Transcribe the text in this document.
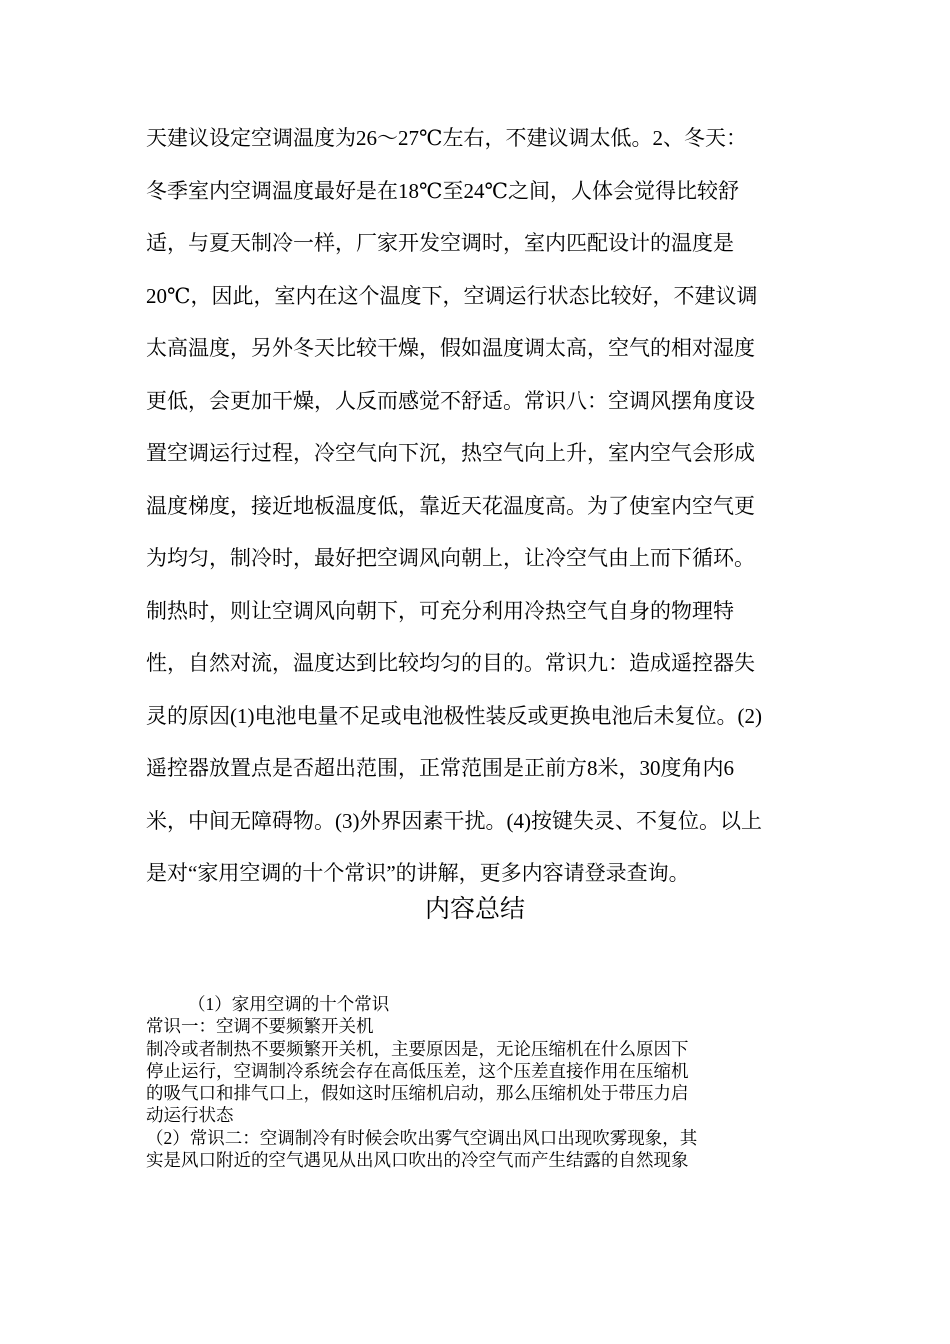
天建议设定空调温度为26～27℃左右，不建议调太低。2、冬天：
冬季室内空调温度最好是在18℃至24℃之间，人体会觉得比较舒
适，与夏天制冷一样，厂家开发空调时，室内匹配设计的温度是
20℃，因此，室内在这个温度下，空调运行状态比较好，不建议调
太高温度，另外冬天比较干燥，假如温度调太高，空气的相对湿度
更低，会更加干燥，人反而感觉不舒适。常识八：空调风摆角度设
置空调运行过程，冷空气向下沉，热空气向上升，室内空气会形成
温度梯度，接近地板温度低，靠近天花温度高。为了使室内空气更
为均匀，制冷时，最好把空调风向朝上，让冷空气由上而下循环。
制热时，则让空调风向朝下，可充分利用冷热空气自身的物理特
性，自然对流，温度达到比较均匀的目的。常识九：造成遥控器失
灵的原因(1)电池电量不足或电池极性装反或更换电池后未复位。(2)
遥控器放置点是否超出范围，正常范围是正前方8米，30度角内6
米，中间无障碍物。(3)外界因素干扰。(4)按键失灵、不复位。以上
是对“家用空调的十个常识”的讲解，更多内容请登录查询。
内容总结
（1）家用空调的十个常识
常识一：空调不要频繁开关机
制冷或者制热不要频繁开关机，主要原因是，无论压缩机在什么原因下
停止运行，空调制冷系统会存在高低压差，这个压差直接作用在压缩机
的吸气口和排气口上，假如这时压缩机启动，那么压缩机处于带压力启
动运行状态
（2）常识二：空调制冷有时候会吹出雾气空调出风口出现吹雾现象，其
实是风口附近的空气遇见从出风口吹出的冷空气而产生结露的自然现象
